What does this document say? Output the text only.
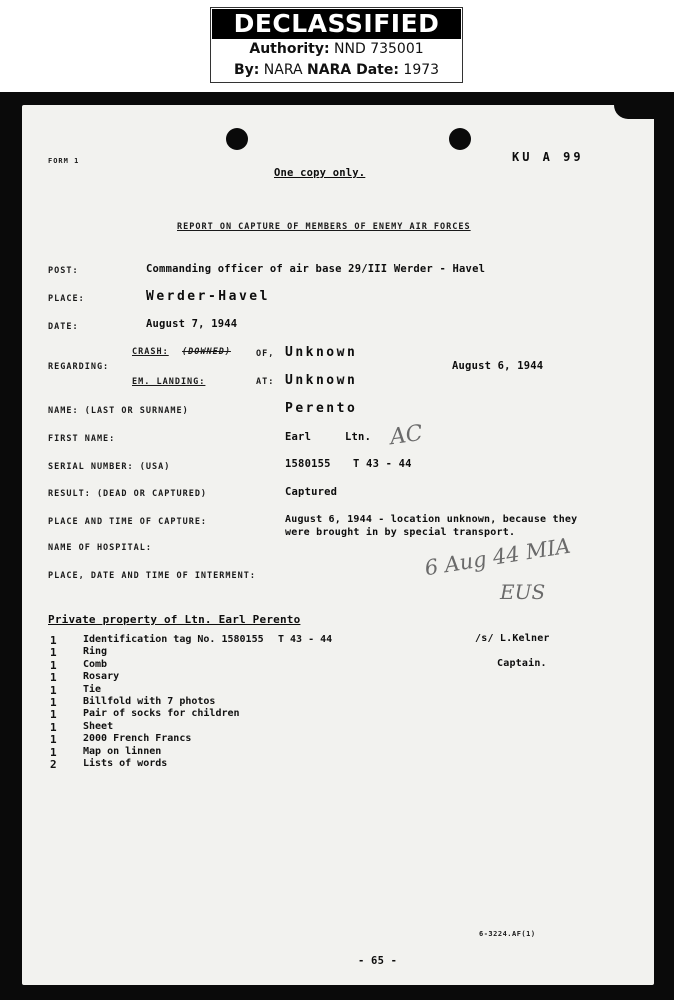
DECLASSIFIED
Authority: NND 735001
By: NARA NARA Date: 1973
FORM 1	KU A 99
One copy only.
REPORT ON CAPTURE OF MEMBERS OF ENEMY AIR FORCES
POST:	Commanding officer of air base 29/III Werder - Havel
PLACE:	Werder-Havel
DATE:	August 7, 1944
CRASH: (DOWNED)	OF, Unknown
REGARDING:	August 6, 1944
EM. LANDING:	AT: Unknown
NAME: (LAST OR SURNAME)	Perento
FIRST NAME:	Earl	Ltn.
SERIAL NUMBER: (USA)	1580155 T 43 - 44
RESULT: (DEAD OR CAPTURED)	Captured
PLACE AND TIME OF CAPTURE:	August 6, 1944 - location unknown, because they
were brought in by special transport.
NAME OF HOSPITAL:
PLACE, DATE AND TIME OF INTERMENT:
AC
6 Aug 44 MIA
EUS
Private property of Ltn. Earl Perento
1	Identification tag No. 1580155 T 43 - 44
1	Ring
1	Comb
1	Rosary
1	Tie
1	Billfold with 7 photos
1	Pair of socks for children
1	Sheet
1	2000 French Francs
1	Map on linnen
2	Lists of words
/s/ L.Kelner
Captain.
6-3224.AF(1)
- 65 -
